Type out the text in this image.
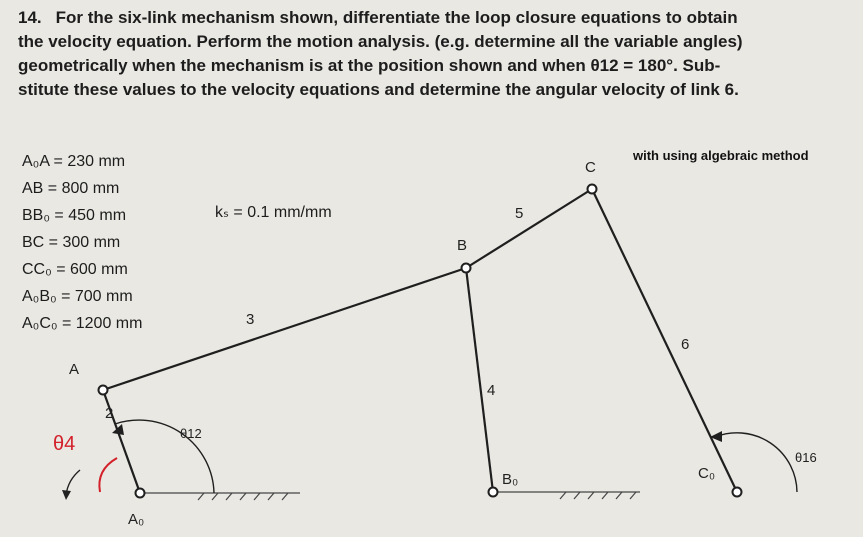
14. For the six-link mechanism shown, differentiate the loop closure equations to obtain
the velocity equation. Perform the motion analysis. (e.g. determine all the variable angles)
geometrically when the mechanism is at the position shown and when θ12 = 180°. Sub-
stitute these values to the velocity equations and determine the angular velocity of link 6.
with using algebraic method
A₀A = 230 mm
AB = 800 mm
BB₀ = 450 mm
BC = 300 mm
CC₀ = 600 mm
A₀B₀ = 700 mm
A₀C₀ = 1200 mm
kₛ = 0.1 mm/mm
A
B
C
A₀
B₀	C₀
2
3
4
5
6
θ12
θ16
θ4
